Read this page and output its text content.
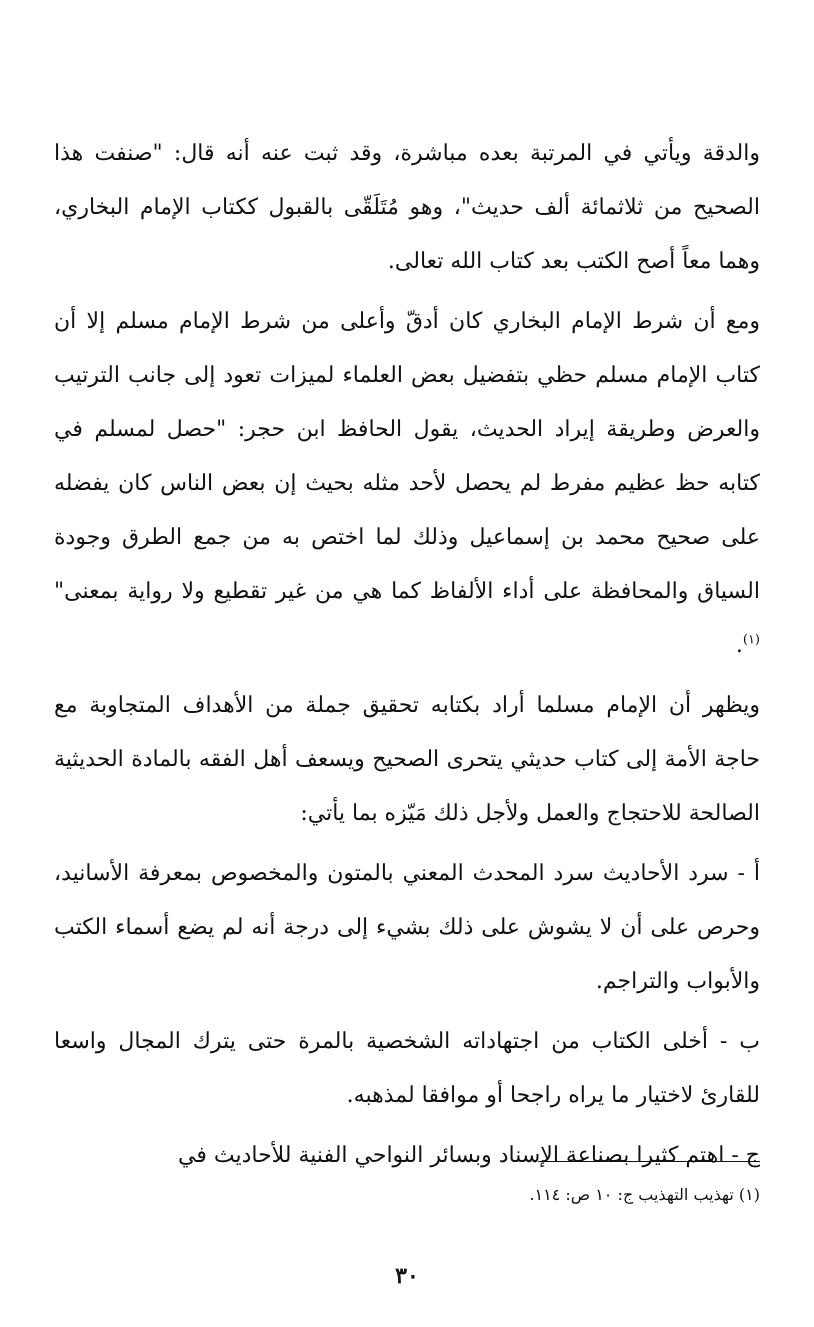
والدقة ويأتي في المرتبة بعده مباشرة، وقد ثبت عنه أنه قال: "صنفت هذا الصحيح من ثلاثمائة ألف حديث"، وهو مُتَلَقّى بالقبول ككتاب الإمام البخاري، وهما معاً أصح الكتب بعد كتاب الله تعالى.

ومع أن شرط الإمام البخاري كان أدقّ وأعلى من شرط الإمام مسلم إلا أن كتاب الإمام مسلم حظي بتفضيل بعض العلماء لميزات تعود إلى جانب الترتيب والعرض وطريقة إيراد الحديث، يقول الحافظ ابن حجر: "حصل لمسلم في كتابه حظ عظيم مفرط لم يحصل لأحد مثله بحيث إن بعض الناس كان يفضله على صحيح محمد بن إسماعيل وذلك لما اختص به من جمع الطرق وجودة السياق والمحافظة على أداء الألفاظ كما هي من غير تقطيع ولا رواية بمعنى"$^{(١)}$.

ويظهر أن الإمام مسلما أراد بكتابه تحقيق جملة من الأهداف المتجاوبة مع حاجة الأمة إلى كتاب حديثي يتحرى الصحيح ويسعف أهل الفقه بالمادة الحديثية الصالحة للاحتجاج والعمل ولأجل ذلك مَيّزه بما يأتي:

أ - سرد الأحاديث سرد المحدث المعني بالمتون والمخصوص بمعرفة الأسانيد، وحرص على أن لا يشوش على ذلك بشيء إلى درجة أنه لم يضع أسماء الكتب والأبواب والتراجم.

ب - أخلى الكتاب من اجتهاداته الشخصية بالمرة حتى يترك المجال واسعا للقارئ لاختيار ما يراه راجحا أو موافقا لمذهبه.

ج - اهتم كثيرا بصناعة الإسناد وبسائر النواحي الفنية للأحاديث في

(١) تهذيب التهذيب ج: ١٠ ص: ١١٤.
٣٠
